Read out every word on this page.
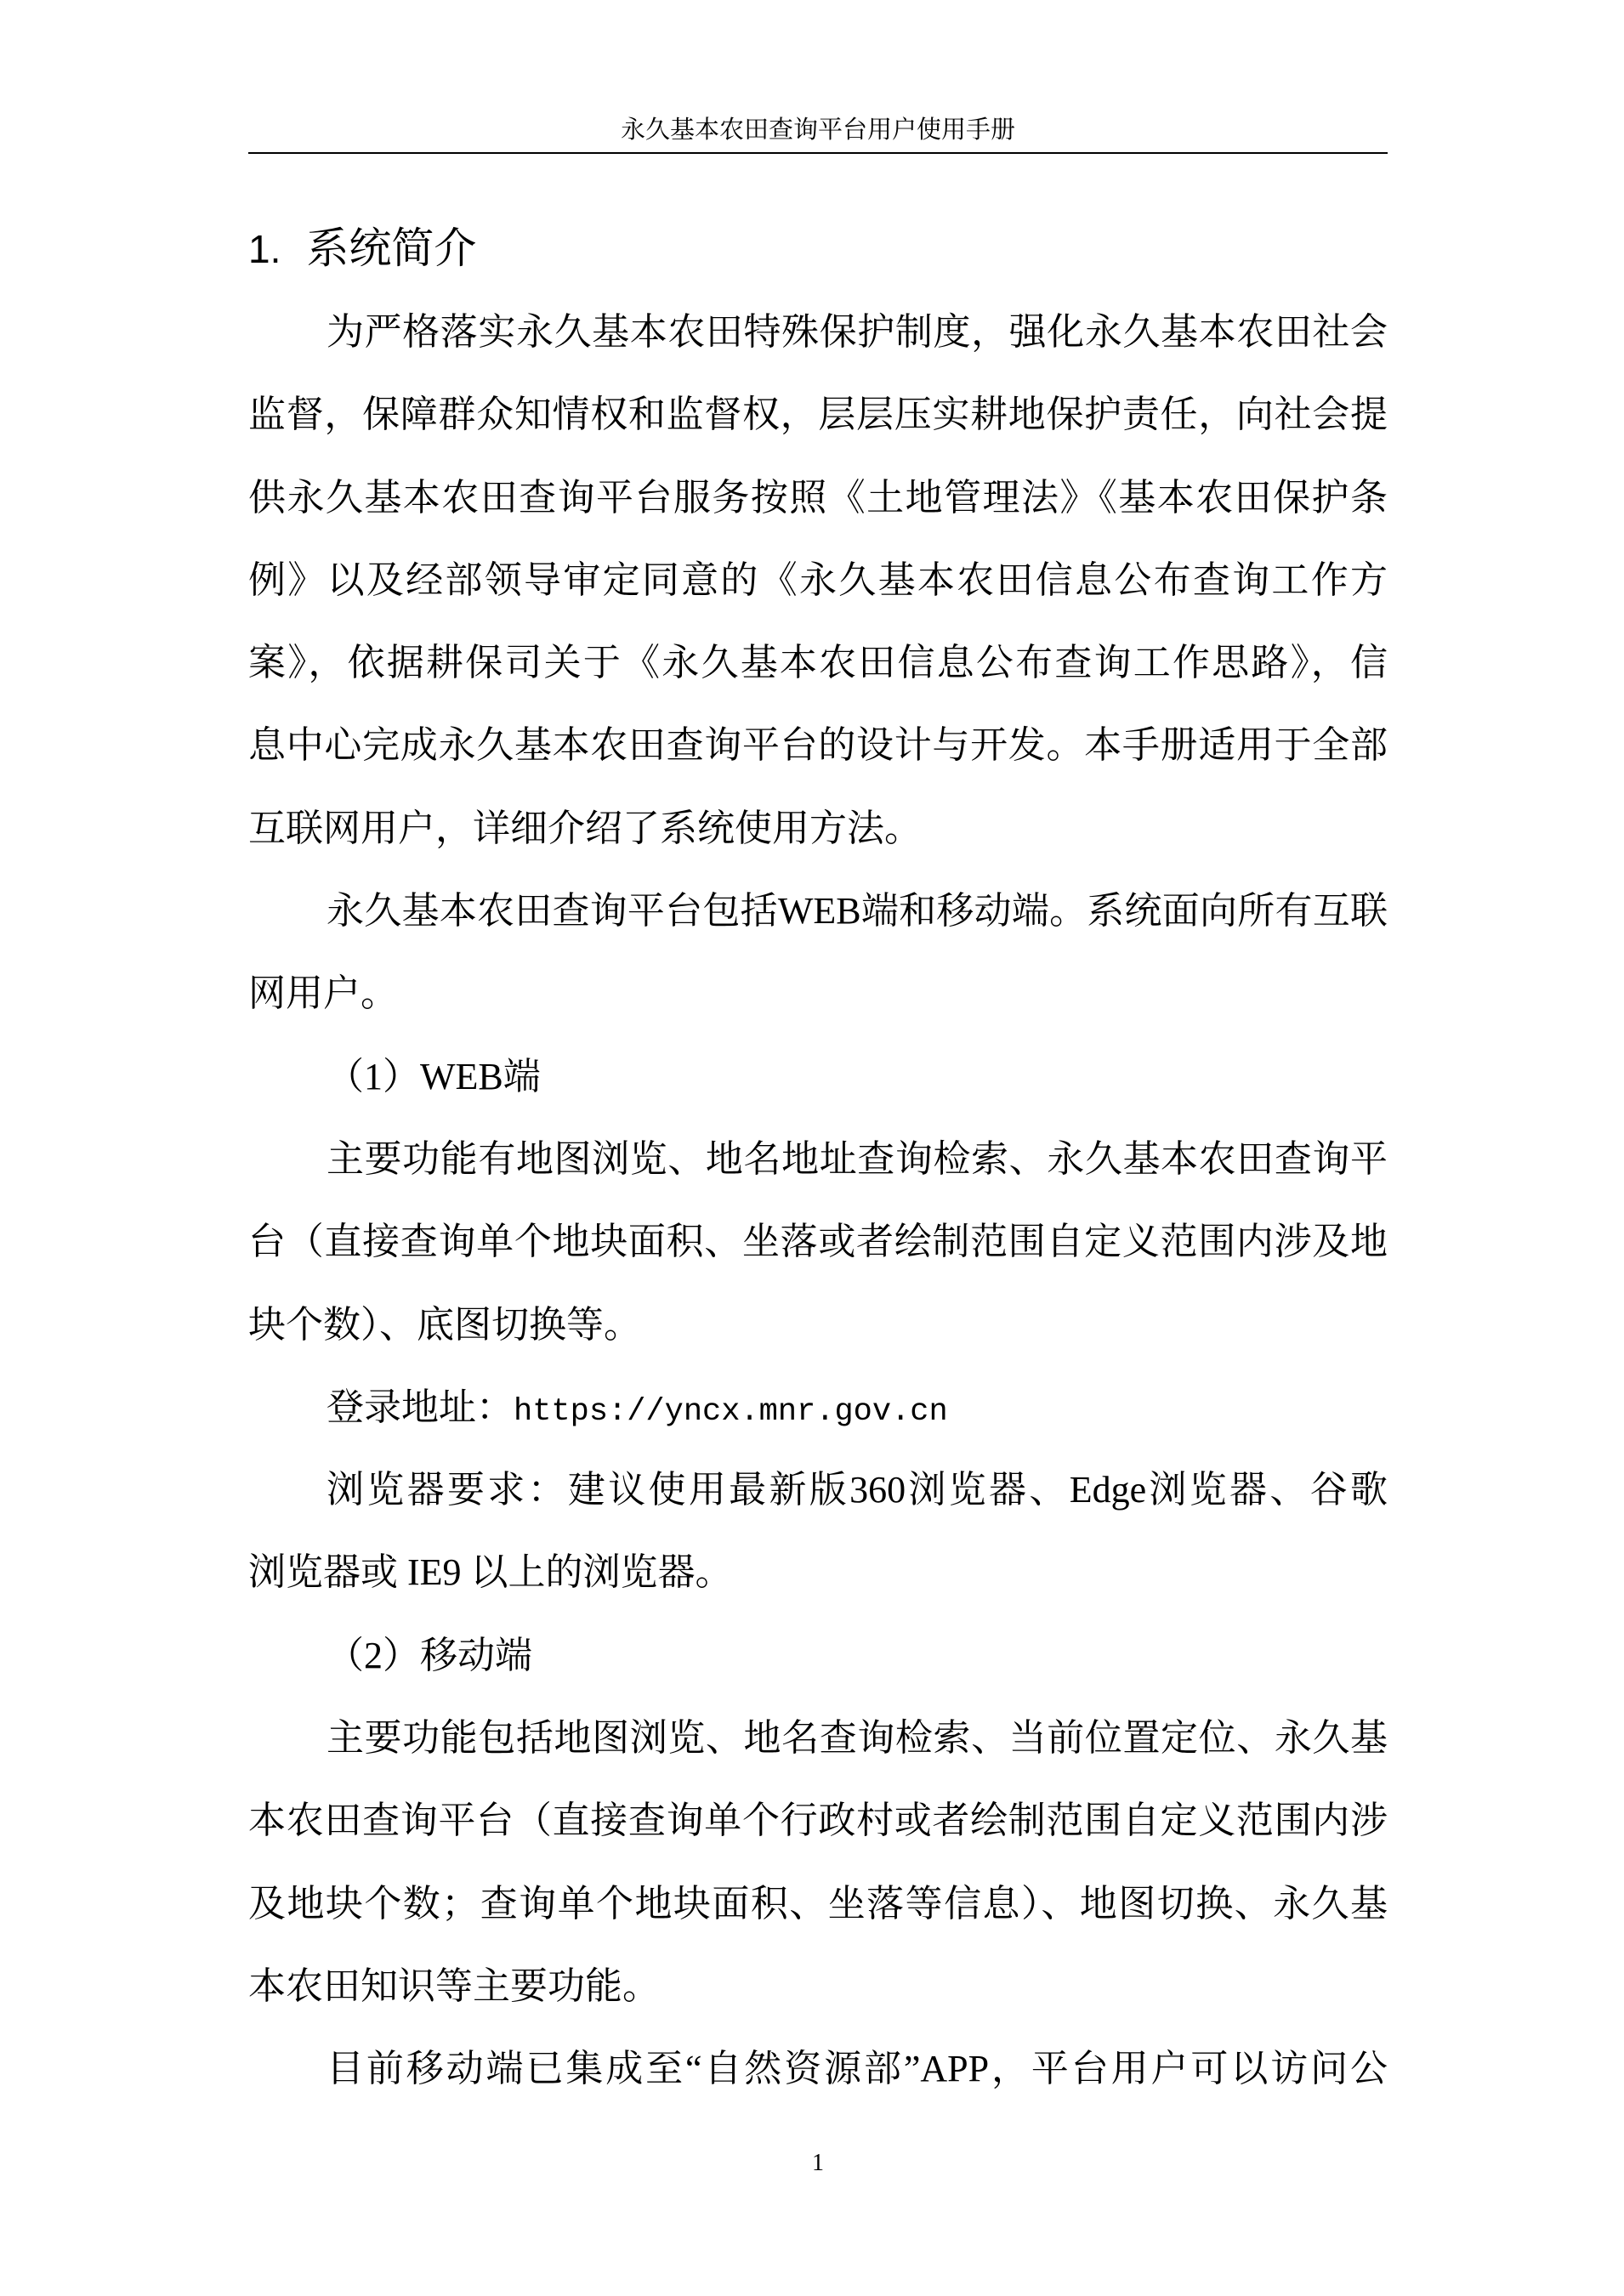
永久基本农田查询平台用户使用手册
1. 系统简介
为严格落实永久基本农田特殊保护制度，强化永久基本农田社会
监督，保障群众知情权和监督权，层层压实耕地保护责任，向社会提
供永久基本农田查询平台服务按照《土地管理法》《基本农田保护条
例》以及经部领导审定同意的《永久基本农田信息公布查询工作方
案》，依据耕保司关于《永久基本农田信息公布查询工作思路》，信
息中心完成永久基本农田查询平台的设计与开发。本手册适用于全部
互联网用户，详细介绍了系统使用方法。
永久基本农田查询平台包括WEB端和移动端。系统面向所有互联
网用户。
（1）WEB端
主要功能有地图浏览、地名地址查询检索、永久基本农田查询平
台（直接查询单个地块面积、坐落或者绘制范围自定义范围内涉及地
块个数）、底图切换等。
登录地址：https://yncx.mnr.gov.cn
浏览器要求：建议使用最新版360浏览器、Edge浏览器、谷歌
浏览器或 IE9 以上的浏览器。
（2）移动端
主要功能包括地图浏览、地名查询检索、当前位置定位、永久基
本农田查询平台（直接查询单个行政村或者绘制范围自定义范围内涉
及地块个数；查询单个地块面积、坐落等信息）、地图切换、永久基
本农田知识等主要功能。
目前移动端已集成至“自然资源部”APP，平台用户可以访问公
1
